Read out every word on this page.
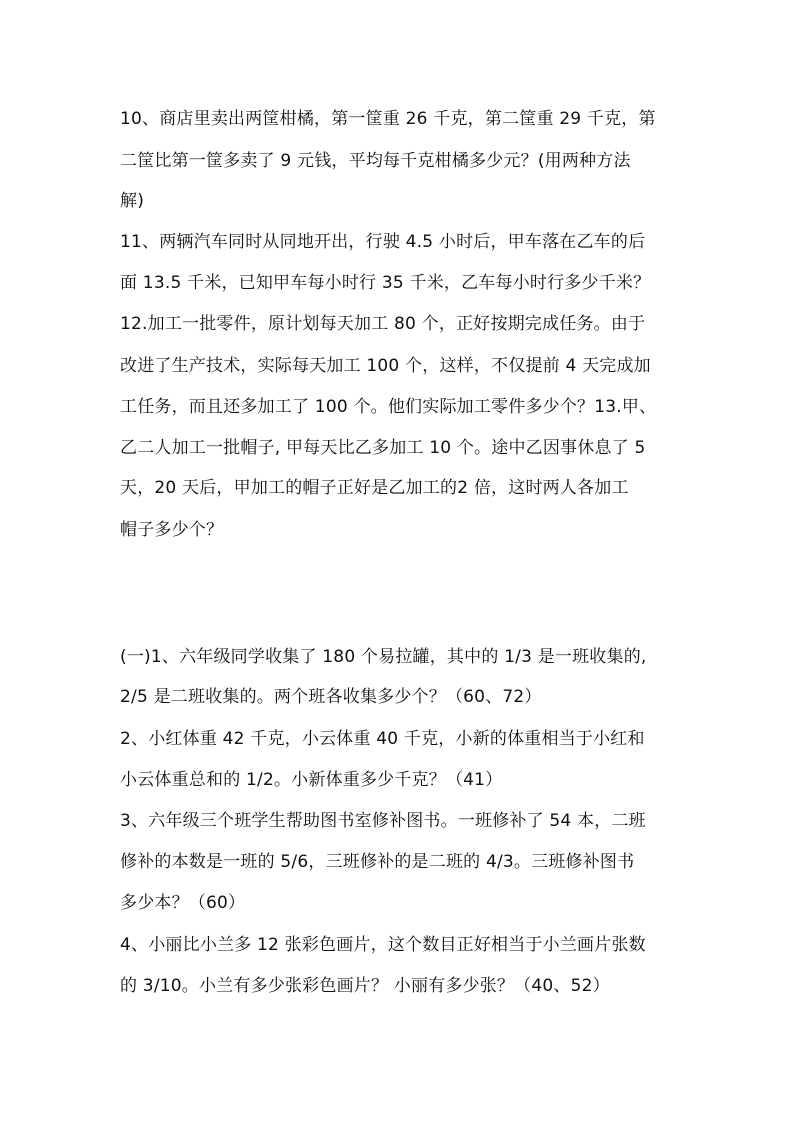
10、商店里卖出两筐柑橘，第一筐重 26 千克，第二筐重 29 千克，第
二筐比第一筐多卖了 9 元钱，平均每千克柑橘多少元？(用两种方法
解)
11、两辆汽车同时从同地开出，行驶 4.5 小时后，甲车落在乙车的后
面 13.5 千米，已知甲车每小时行 35 千米，乙车每小时行多少千米？
12.加工一批零件，原计划每天加工 80 个，正好按期完成任务。由于
改进了生产技术，实际每天加工 100 个，这样，不仅提前 4 天完成加
工任务，而且还多加工了 100 个。他们实际加工零件多少个？13.甲、
乙二人加工一批帽子, 甲每天比乙多加工 10 个。途中乙因事休息了 5
天，20 天后，甲加工的帽子正好是乙加工的2 倍，这时两人各加工
帽子多少个？
(一)1、六年级同学收集了 180 个易拉罐，其中的 1/3 是一班收集的,
2/5 是二班收集的。两个班各收集多少个？（60、72）
2、小红体重 42 千克，小云体重 40 千克，小新的体重相当于小红和
小云体重总和的 1/2。小新体重多少千克？（41）
3、六年级三个班学生帮助图书室修补图书。一班修补了 54 本，二班
修补的本数是一班的 5/6，三班修补的是二班的 4/3。三班修补图书
多少本？（60）
4、小丽比小兰多 12 张彩色画片，这个数目正好相当于小兰画片张数
的 3/10。小兰有多少张彩色画片？ 小丽有多少张？（40、52）
